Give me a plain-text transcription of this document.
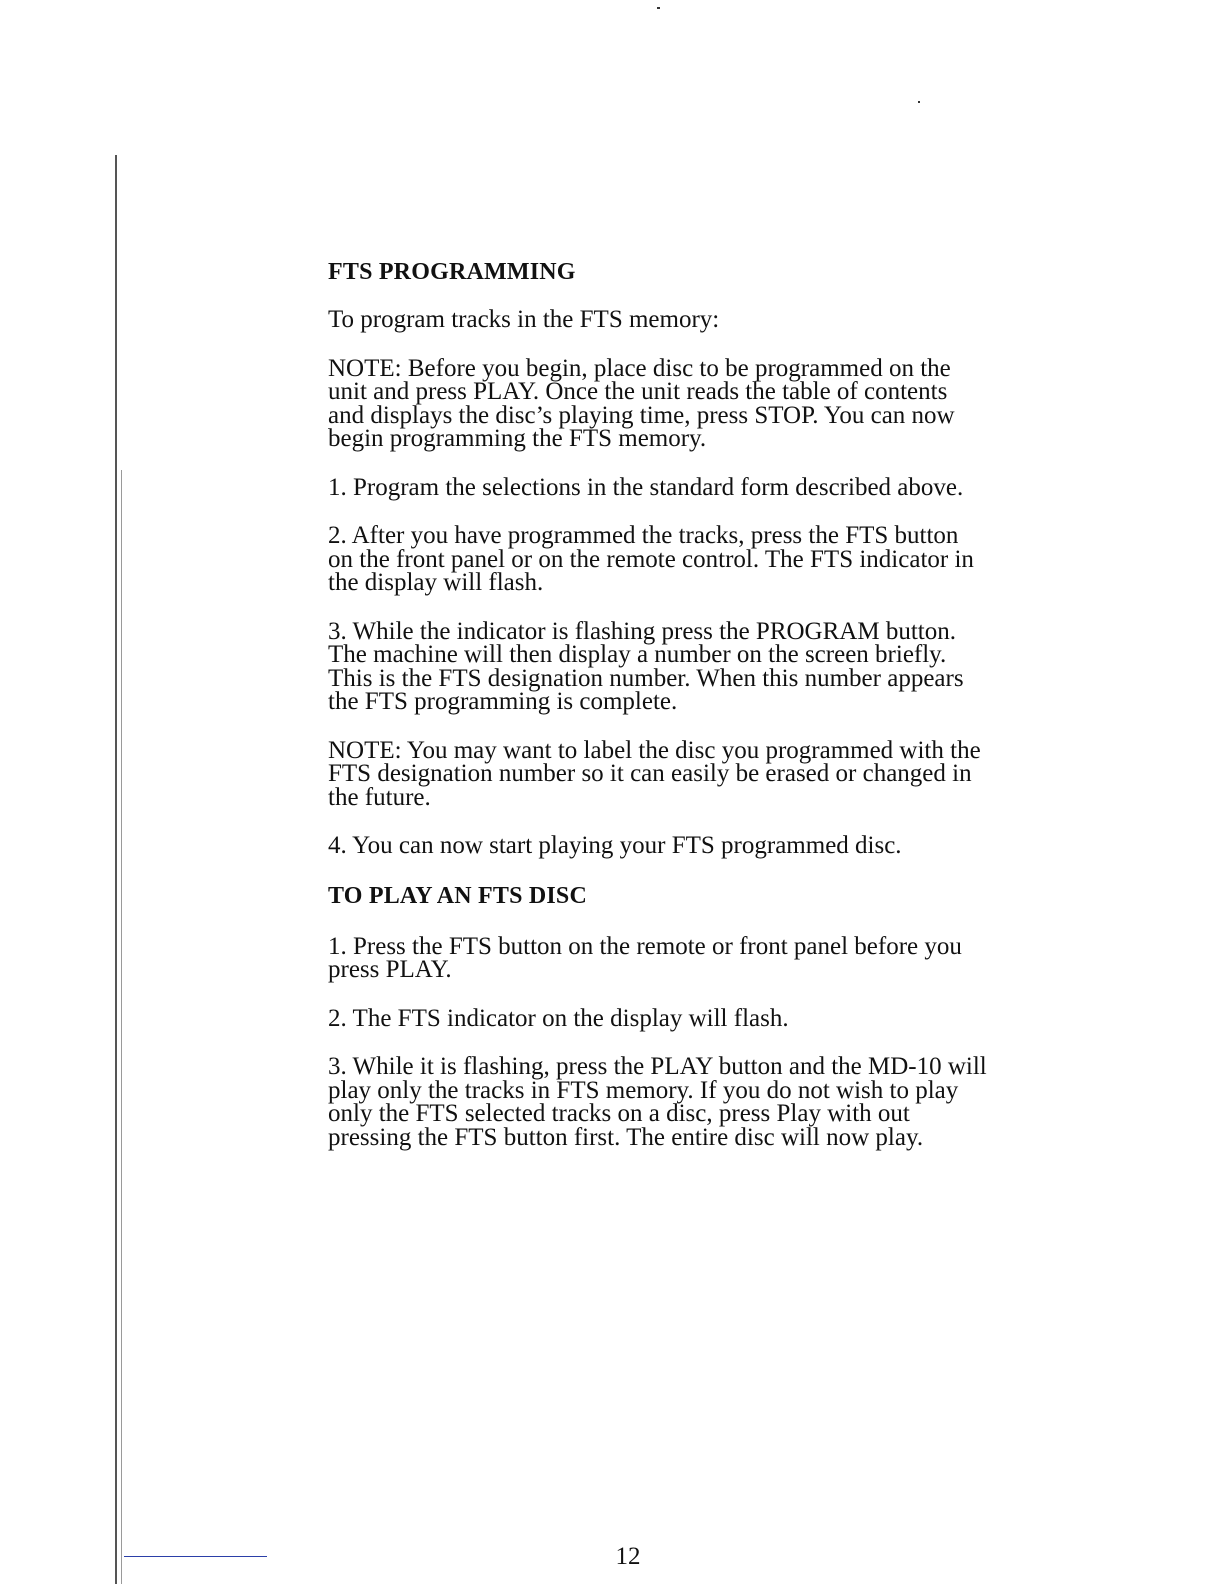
FTS PROGRAMMING

To program tracks in the FTS memory:

NOTE: Before you begin, place disc to be programmed on the unit and press PLAY. Once the unit reads the table of contents and displays the disc’s playing time, press STOP. You can now begin programming the FTS memory.

1. Program the selections in the standard form described above.

2. After you have programmed the tracks, press the FTS button on the front panel or on the remote control. The FTS indicator in the display will flash.

3. While the indicator is flashing press the PROGRAM button. The machine will then display a number on the screen briefly. This is the FTS designation number. When this number appears the FTS programming is complete.

NOTE: You may want to label the disc you programmed with the FTS designation number so it can easily be erased or changed in the future.

4. You can now start playing your FTS programmed disc.

TO PLAY AN FTS DISC

1. Press the FTS button on the remote or front panel before you press PLAY.

2. The FTS indicator on the display will flash.

3. While it is flashing, press the PLAY button and the MD-10 will play only the tracks in FTS memory. If you do not wish to play only the FTS selected tracks on a disc, press Play with out pressing the FTS button first. The entire disc will now play.

12
